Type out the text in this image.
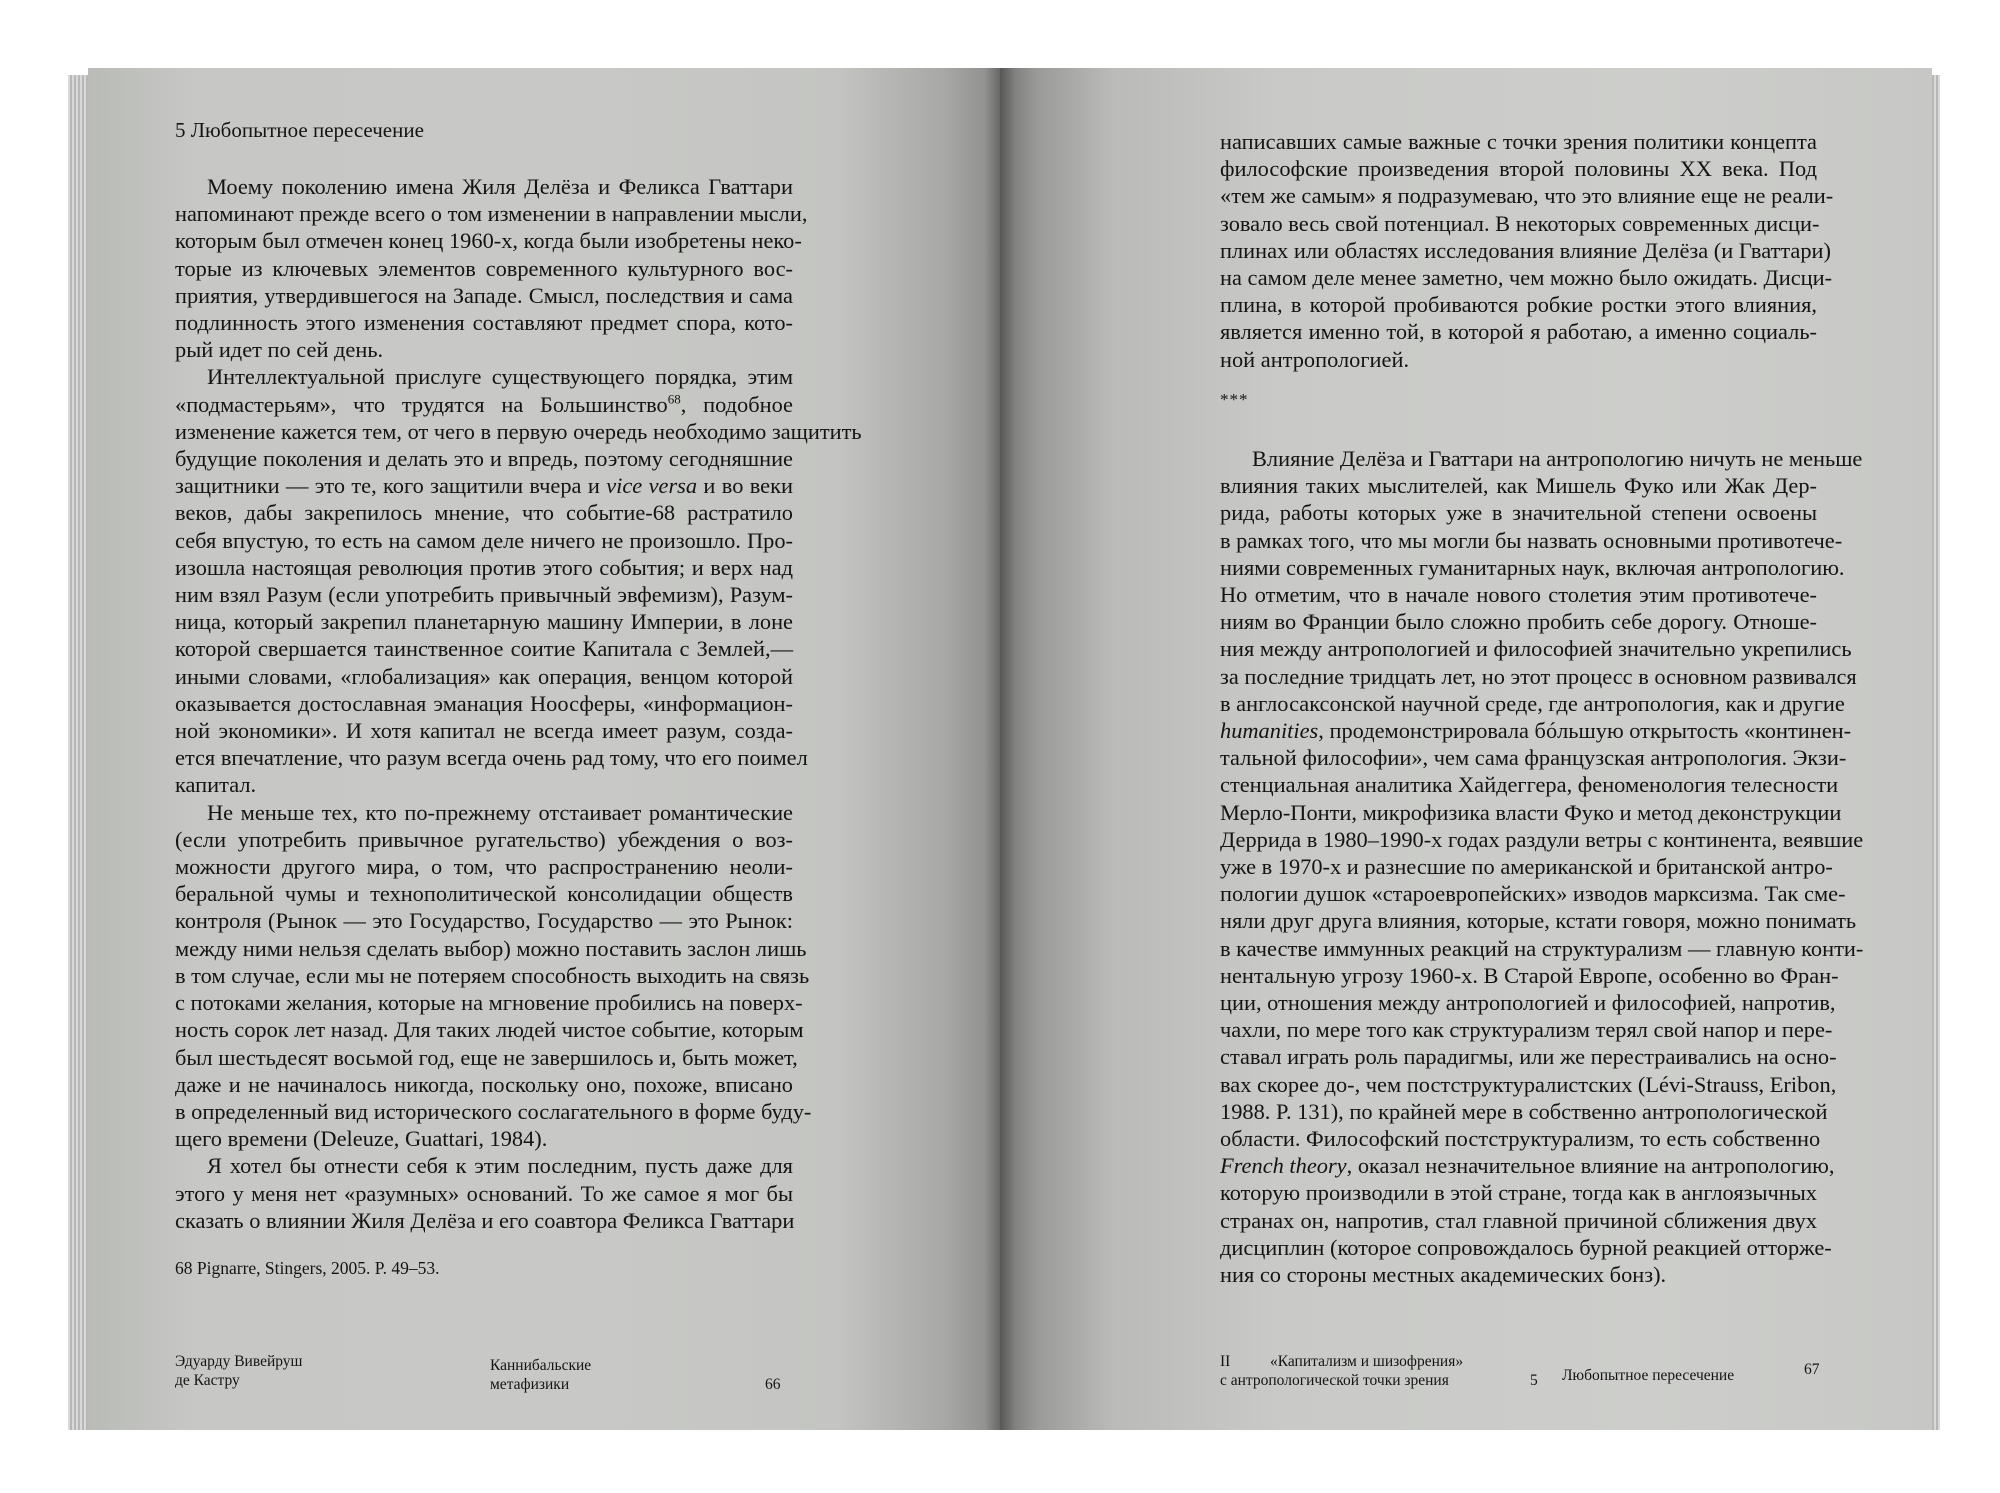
5 Любопытное пересечение
Моему поколению имена Жиля Делёза и Феликса Гваттари
напоминают прежде всего о том изменении в направлении мысли,
которым был отмечен конец 1960-х, когда были изобретены неко-
торые из ключевых элементов современного культурного вос-
приятия, утвердившегося на Западе. Смысл, последствия и сама
подлинность этого изменения составляют предмет спора, кото-
рый идет по сей день.
Интеллектуальной прислуге существующего порядка, этим
«подмастерьям», что трудятся на Большинство$^{68}$, подобное
изменение кажется тем, от чего в первую очередь необходимо защитить
будущие поколения и делать это и впредь, поэтому сегодняшние
защитники — это те, кого защитили вчера и vice versa и во веки
веков, дабы закрепилось мнение, что событие-68 растратило
себя впустую, то есть на самом деле ничего не произошло. Про-
изошла настоящая революция против этого события; и верх над
ним взял Разум (если употребить привычный эвфемизм), Разум-
ница, который закрепил планетарную машину Империи, в лоне
которой свершается таинственное соитие Капитала с Землей,—
иными словами, «глобализация» как операция, венцом которой
оказывается достославная эманация Ноосферы, «информацион-
ной экономики». И хотя капитал не всегда имеет разум, созда-
ется впечатление, что разум всегда очень рад тому, что его поимел
капитал.
Не меньше тех, кто по-прежнему отстаивает романтические
(если употребить привычное ругательство) убеждения о воз-
можности другого мира, о том, что распространению неоли-
беральной чумы и технополитической консолидации обществ
контроля (Рынок — это Государство, Государство — это Рынок:
между ними нельзя сделать выбор) можно поставить заслон лишь
в том случае, если мы не потеряем способность выходить на связь
с потоками желания, которые на мгновение пробились на поверх-
ность сорок лет назад. Для таких людей чистое событие, которым
был шестьдесят восьмой год, еще не завершилось и, быть может,
даже и не начиналось никогда, поскольку оно, похоже, вписано
в определенный вид исторического сослагательного в форме буду-
щего времени (Deleuze, Guattari, 1984).
Я хотел бы отнести себя к этим последним, пусть даже для
этого у меня нет «разумных» оснований. То же самое я мог бы
сказать о влиянии Жиля Делёза и его соавтора Феликса Гваттари
68 Pignarre, Stingers, 2005. P. 49–53.
Эдуарду Вивейруш
де Кастру
Каннибальские
метафизики	66
написавших самые важные с точки зрения политики концепта
философские произведения второй половины XX века. Под
«тем же самым» я подразумеваю, что это влияние еще не реали-
зовало весь свой потенциал. В некоторых современных дисци-
плинах или областях исследования влияние Делёза (и Гваттари)
на самом деле менее заметно, чем можно было ожидать. Дисци-
плина, в которой пробиваются робкие ростки этого влияния,
является именно той, в которой я работаю, а именно социаль-
ной антропологией.
***
Влияние Делёза и Гваттари на антропологию ничуть не меньше
влияния таких мыслителей, как Мишель Фуко или Жак Дер-
рида, работы которых уже в значительной степени освоены
в рамках того, что мы могли бы назвать основными противотече-
ниями современных гуманитарных наук, включая антропологию.
Но отметим, что в начале нового столетия этим противотече-
ниям во Франции было сложно пробить себе дорогу. Отноше-
ния между антропологией и философией значительно укрепились
за последние тридцать лет, но этот процесс в основном развивался
в англосаксонской научной среде, где антропология, как и другие
humanities, продемонстрировала бóльшую открытость «континен-
тальной философии», чем сама французская антропология. Экзи-
стенциальная аналитика Хайдеггера, феноменология телесности
Мерло-Понти, микрофизика власти Фуко и метод деконструкции
Деррида в 1980–1990-х годах раздули ветры с континента, веявшие
уже в 1970-х и разнесшие по американской и британской антро-
пологии душок «староевропейских» изводов марксизма. Так сме-
няли друг друга влияния, которые, кстати говоря, можно понимать
в качестве иммунных реакций на структурализм — главную конти-
нентальную угрозу 1960-х. В Старой Европе, особенно во Фран-
ции, отношения между антропологией и философией, напротив,
чахли, по мере того как структурализм терял свой напор и пере-
ставал играть роль парадигмы, или же перестраивались на осно-
вах скорее до-, чем постструктуралистских (Lévi-Strauss, Eribon,
1988. P. 131), по крайней мере в собственно антропологической
области. Философский постструктурализм, то есть собственно
French theory, оказал незначительное влияние на антропологию,
которую производили в этой стране, тогда как в англоязычных
странах он, напротив, стал главной причиной сближения двух
дисциплин (которое сопровождалось бурной реакцией отторже-
ния со стороны местных академических бонз).
II	«Капитализм и шизофрения»
с антропологической точки зрения	5 Любопытное пересечение	67
